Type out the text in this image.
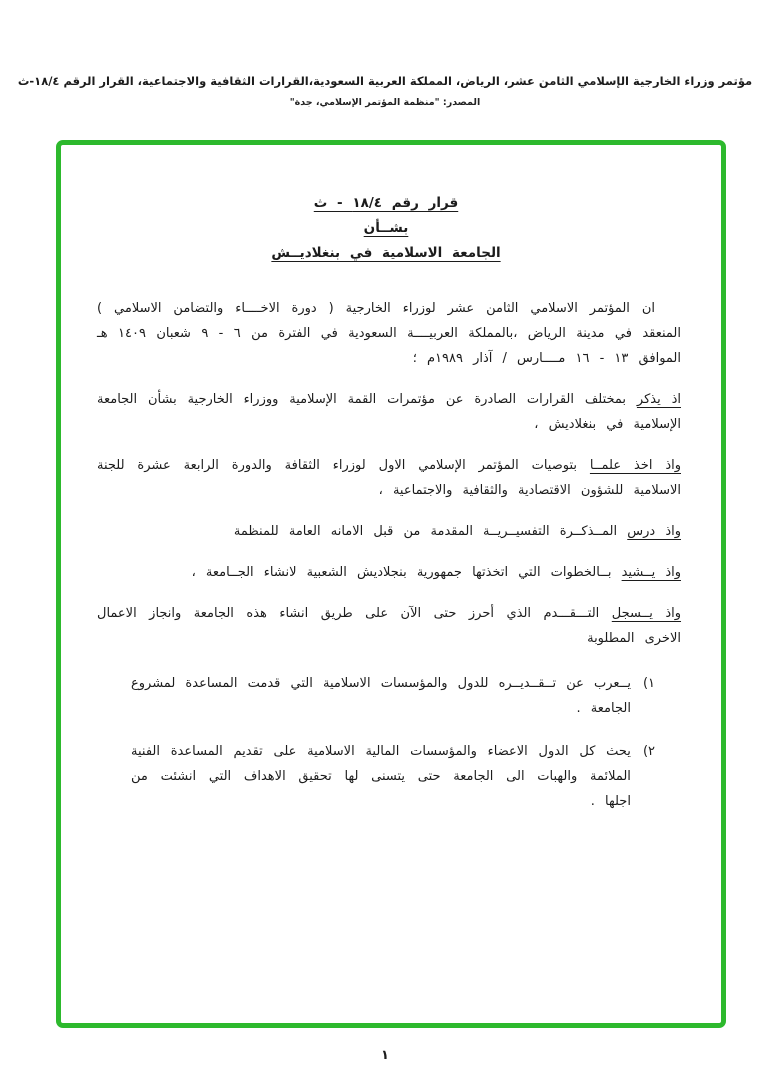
مؤتمر وزراء الخارجية الإسلامي الثامن عشر، الرياض، المملكة العربية السعودية،القرارات الثقافية والاجتماعية، القرار الرقم ١٨/٤-ث
المصدر: "منظمة المؤتمر الإسلامي، جدة"
قرار رقم ١٨/٤ - ث
بشــأن
الجامعة الاسلامية في بنغلاديــش

ان المؤتمر الاسلامي الثامن عشر لوزراء الخارجية ( دورة الاخــــاء والتضامن الاسلامي ) المنعقد في مدينة الرياض ،بالمملكة العربيــــة السعودية في الفترة من ٦ - ٩ شعبان ١٤٠٩ هـ الموافق ١٣ - ١٦ مــــارس / آذار ١٩٨٩م ؛

اذ يذكر بمختلف القرارات الصادرة عن مؤتمرات القمة الإسلامية ووزراء الخارجية بشأن الجامعة الإسلامية في بنغلاديش ،

واذ اخذ علمــا بتوصيات المؤتمر الإسلامي الاول لوزراء الثقافة والدورة الرابعة عشرة للجنة الاسلامية للشؤون الاقتصادية والثقافية والاجتماعية ،

واذ درس المــذكــرة التفسيــريــة المقدمة من قبل الامانه العامة للمنظمة

واذ يــشيد بــالخطوات التي اتخذتها جمهورية بنجلاديش الشعبية لانشاء الجــامعة ،

واذ يــسجل التـــقـــدم الذي أحرز حتى الآن على طريق انشاء هذه الجامعة وانجاز الاعمال الاخرى المطلوبة

١)
يــعرب عن تــقــديــره للدول والمؤسسات الاسلامية التي قدمت المساعدة لمشروع الجامعة .
٢)
يحث كل الدول الاعضاء والمؤسسات المالية الاسلامية على تقديم المساعدة الفنية الملائمة والهبات الى الجامعة حتى يتسنى لها تحقيق الاهداف التي انشئت من اجلها .
١
